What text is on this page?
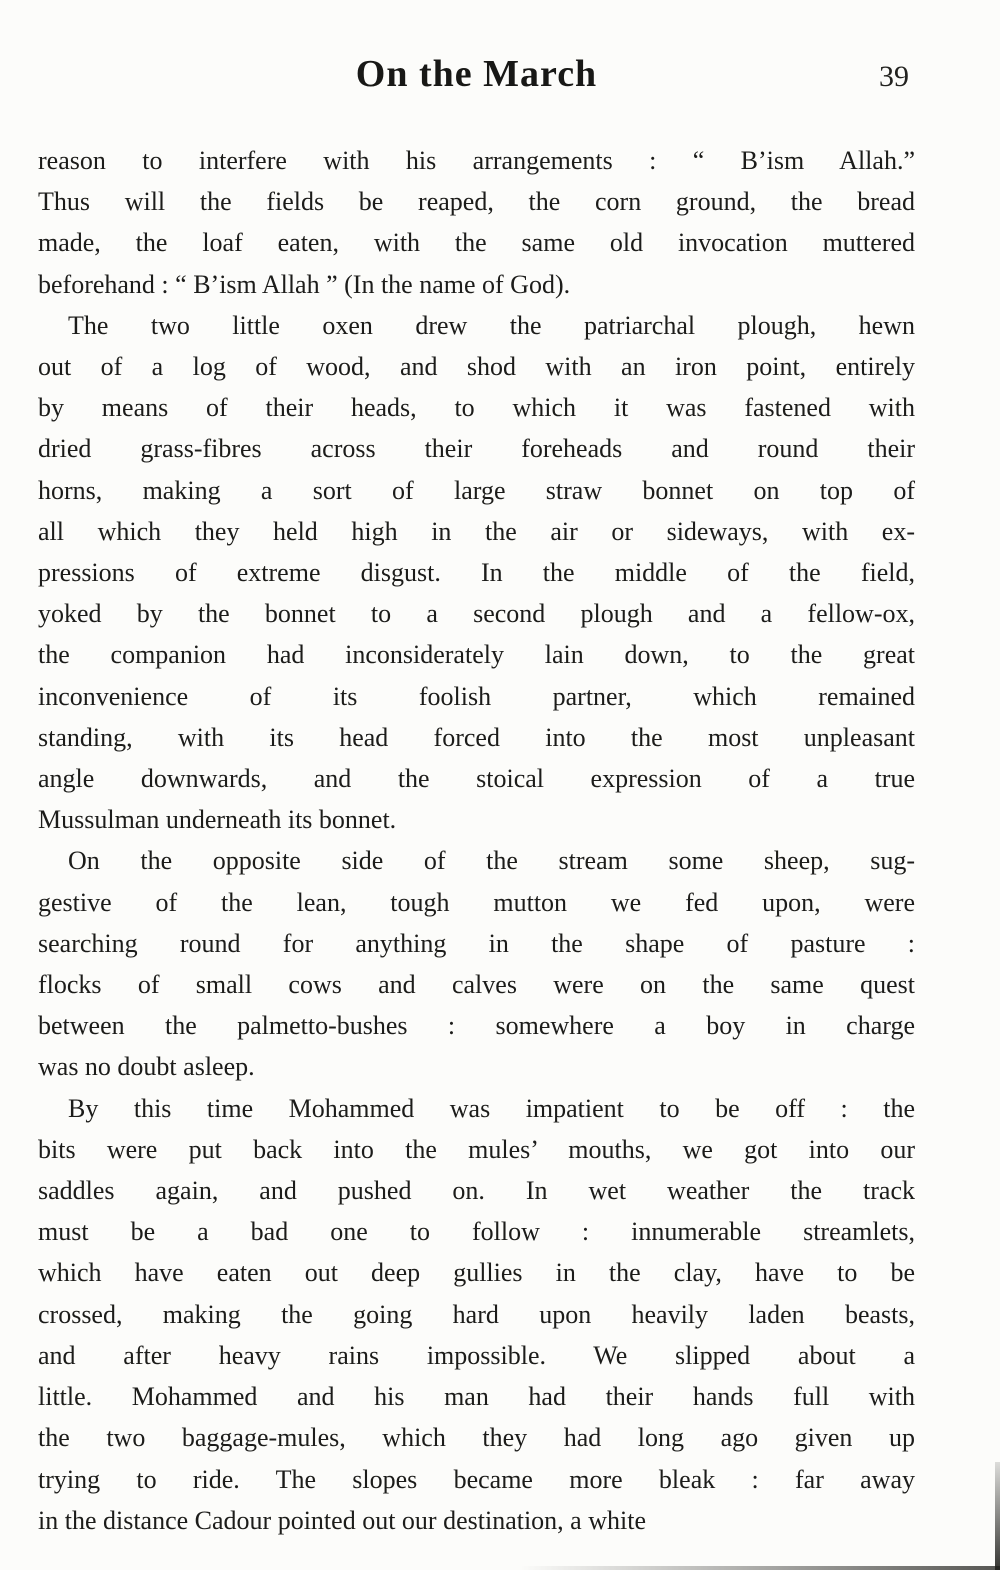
On the March	39
reason to interfere with his arrangements : “ B’ism Allah.”
Thus will the fields be reaped, the corn ground, the bread
made, the loaf eaten, with the same old invocation muttered
beforehand : “ B’ism Allah ” (In the name of God).
The two little oxen drew the patriarchal plough, hewn
out of a log of wood, and shod with an iron point, entirely
by means of their heads, to which it was fastened with
dried grass-fibres across their foreheads and round their
horns, making a sort of large straw bonnet on top of
all which they held high in the air or sideways, with ex-
pressions of extreme disgust. In the middle of the field,
yoked by the bonnet to a second plough and a fellow-ox,
the companion had inconsiderately lain down, to the great
inconvenience of its foolish partner, which remained
standing, with its head forced into the most unpleasant
angle downwards, and the stoical expression of a true
Mussulman underneath its bonnet.
On the opposite side of the stream some sheep, sug-
gestive of the lean, tough mutton we fed upon, were
searching round for anything in the shape of pasture :
flocks of small cows and calves were on the same quest
between the palmetto-bushes : somewhere a boy in charge
was no doubt asleep.
By this time Mohammed was impatient to be off : the
bits were put back into the mules’ mouths, we got into our
saddles again, and pushed on. In wet weather the track
must be a bad one to follow : innumerable streamlets,
which have eaten out deep gullies in the clay, have to be
crossed, making the going hard upon heavily laden beasts,
and after heavy rains impossible. We slipped about a
little. Mohammed and his man had their hands full with
the two baggage-mules, which they had long ago given up
trying to ride. The slopes became more bleak : far away
in the distance Cadour pointed out our destination, a white
